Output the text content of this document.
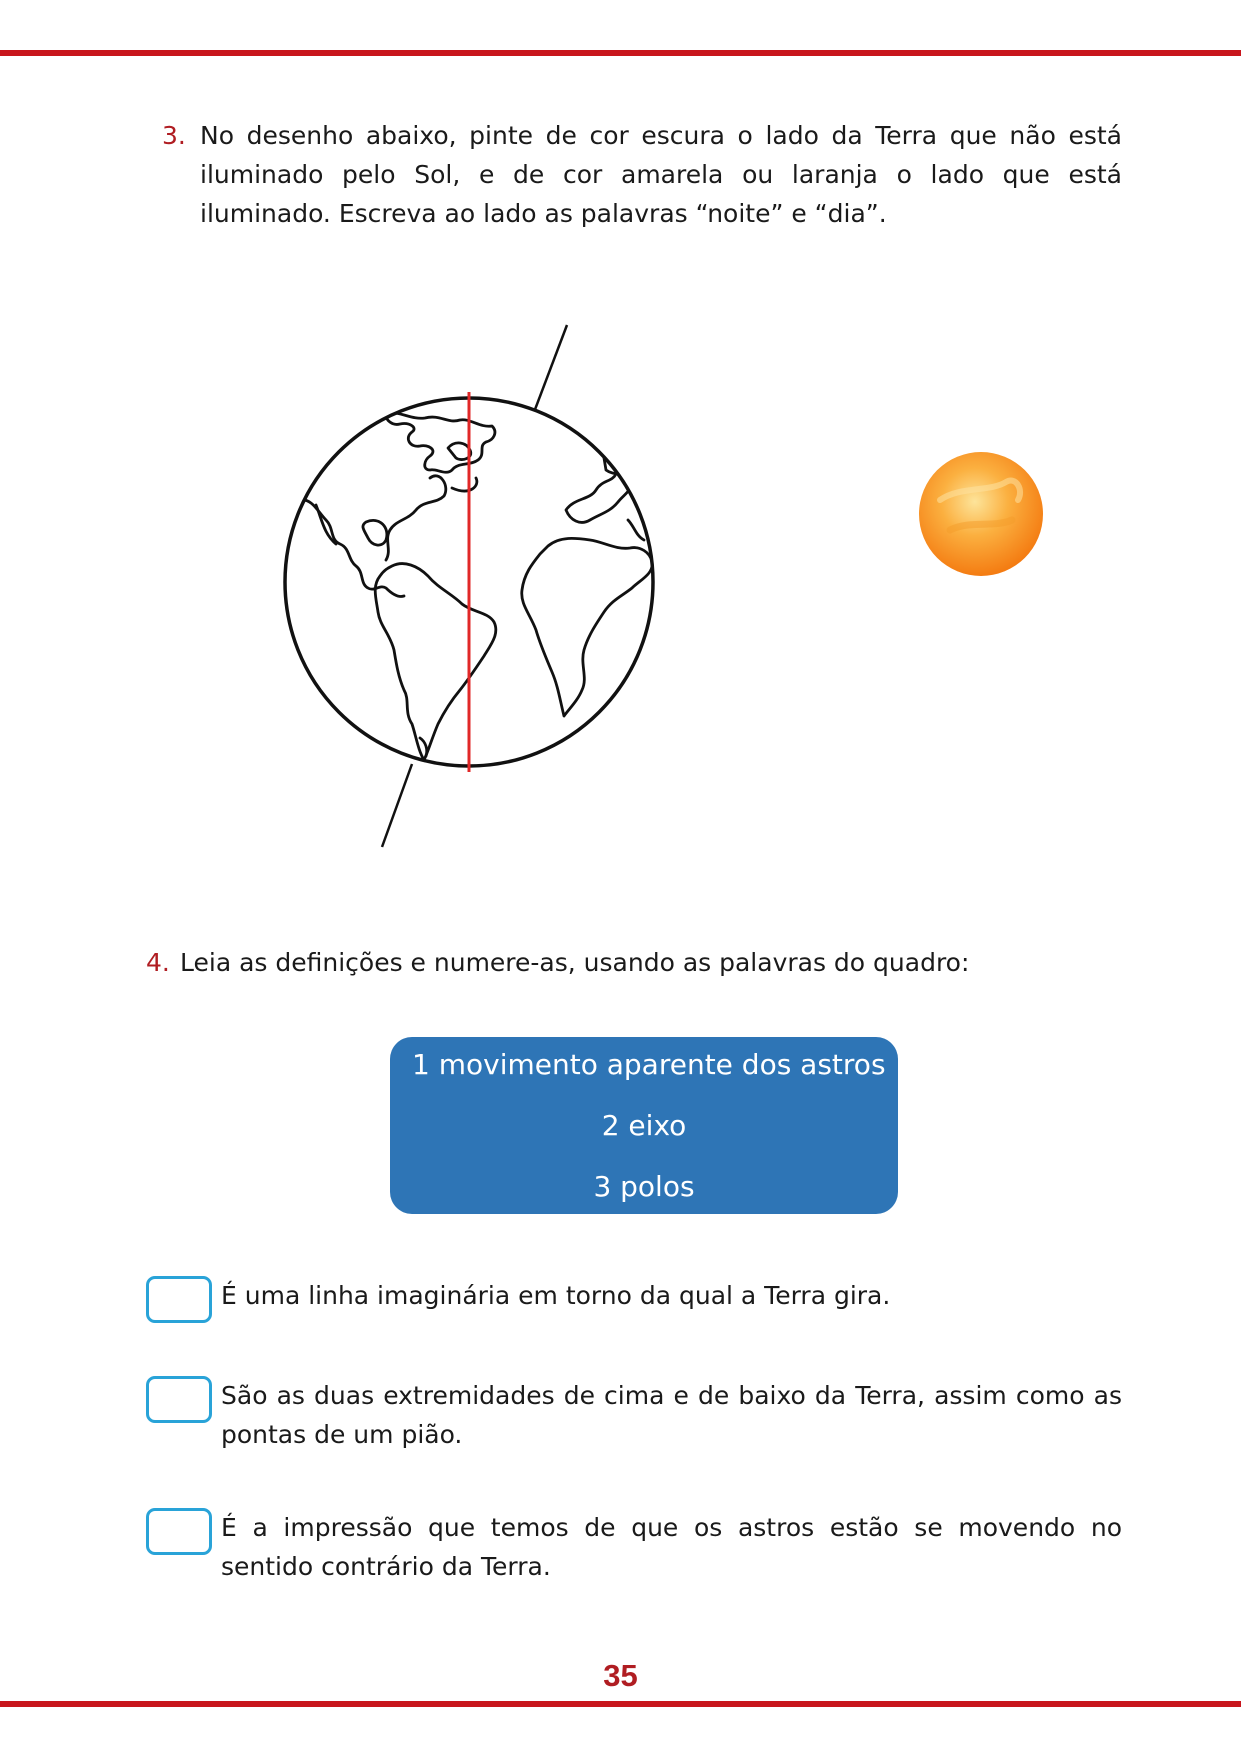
3. No desenho abaixo, pinte de cor escura o lado da Terra que não está iluminado pelo Sol, e de cor amarela ou laranja o lado que está iluminado. Escreva ao lado as palavras “noite” e “dia”.
4. Leia as definições e numere-as, usando as palavras do quadro:
1 movimento aparente dos astros
2 eixo
3 polos
É uma linha imaginária em torno da qual a Terra gira.
São as duas extremidades de cima e de baixo da Terra, assim como as pontas de um pião.
É a impressão que temos de que os astros estão se movendo no sentido contrário da Terra.
35
